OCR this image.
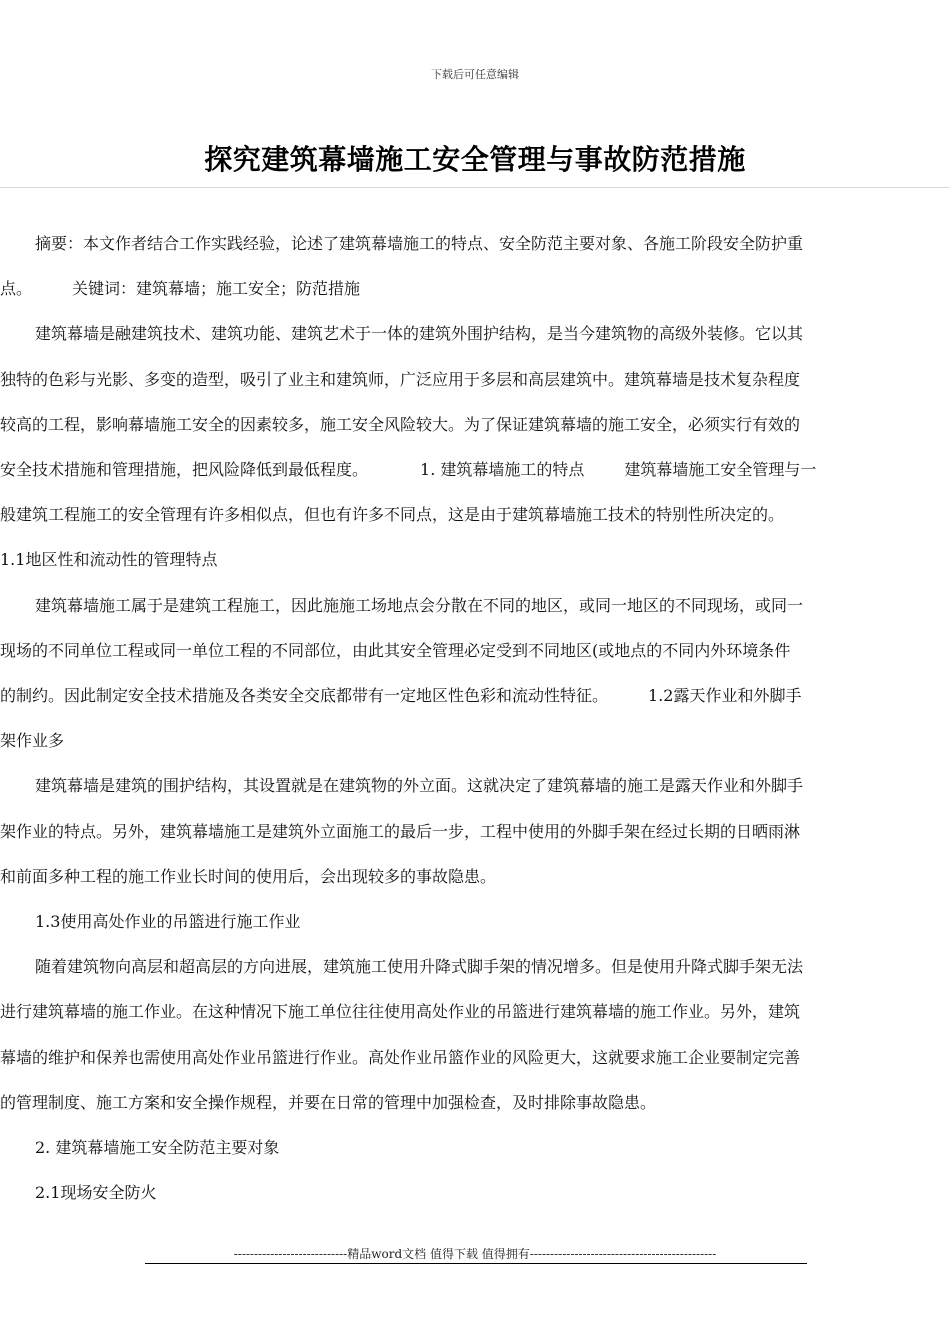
下载后可任意编辑
探究建筑幕墙施工安全管理与事故防范措施

摘要：本文作者结合工作实践经验，论述了建筑幕墙施工的特点、安全防范主要对象、各施工阶段安全防护重

点。	关键词：建筑幕墙；施工安全；防范措施

建筑幕墙是融建筑技术、建筑功能、建筑艺术于一体的建筑外围护结构，是当今建筑物的高级外装修。它以其

独特的色彩与光影、多变的造型，吸引了业主和建筑师，广泛应用于多层和高层建筑中。建筑幕墙是技术复杂程度

较高的工程，影响幕墙施工安全的因素较多，施工安全风险较大。为了保证建筑幕墙的施工安全，必须实行有效的

安全技术措施和管理措施，把风险降低到最低程度。	1. 建筑幕墙施工的特点	建筑幕墙施工安全管理与一

般建筑工程施工的安全管理有许多相似点，但也有许多不同点，这是由于建筑幕墙施工技术的特别性所决定的。

1.1地区性和流动性的管理特点

建筑幕墙施工属于是建筑工程施工，因此施施工场地点会分散在不同的地区，或同一地区的不同现场，或同一

现场的不同单位工程或同一单位工程的不同部位，由此其安全管理必定受到不同地区(或地点的不同内外环境条件

的制约。因此制定安全技术措施及各类安全交底都带有一定地区性色彩和流动性特征。	1.2露天作业和外脚手

架作业多

建筑幕墙是建筑的围护结构，其设置就是在建筑物的外立面。这就决定了建筑幕墙的施工是露天作业和外脚手

架作业的特点。另外，建筑幕墙施工是建筑外立面施工的最后一步，工程中使用的外脚手架在经过长期的日晒雨淋

和前面多种工程的施工作业长时间的使用后，会出现较多的事故隐患。

1.3使用高处作业的吊篮进行施工作业

随着建筑物向高层和超高层的方向进展，建筑施工使用升降式脚手架的情况增多。但是使用升降式脚手架无法

进行建筑幕墙的施工作业。在这种情况下施工单位往往使用高处作业的吊篮进行建筑幕墙的施工作业。另外，建筑

幕墙的维护和保养也需使用高处作业吊篮进行作业。高处作业吊篮作业的风险更大，这就要求施工企业要制定完善

的管理制度、施工方案和安全操作规程，并要在日常的管理中加强检查，及时排除事故隐患。

2. 建筑幕墙施工安全防范主要对象

2.1现场安全防火

----------------------------精品word文档 值得下载 值得拥有----------------------------------------------
